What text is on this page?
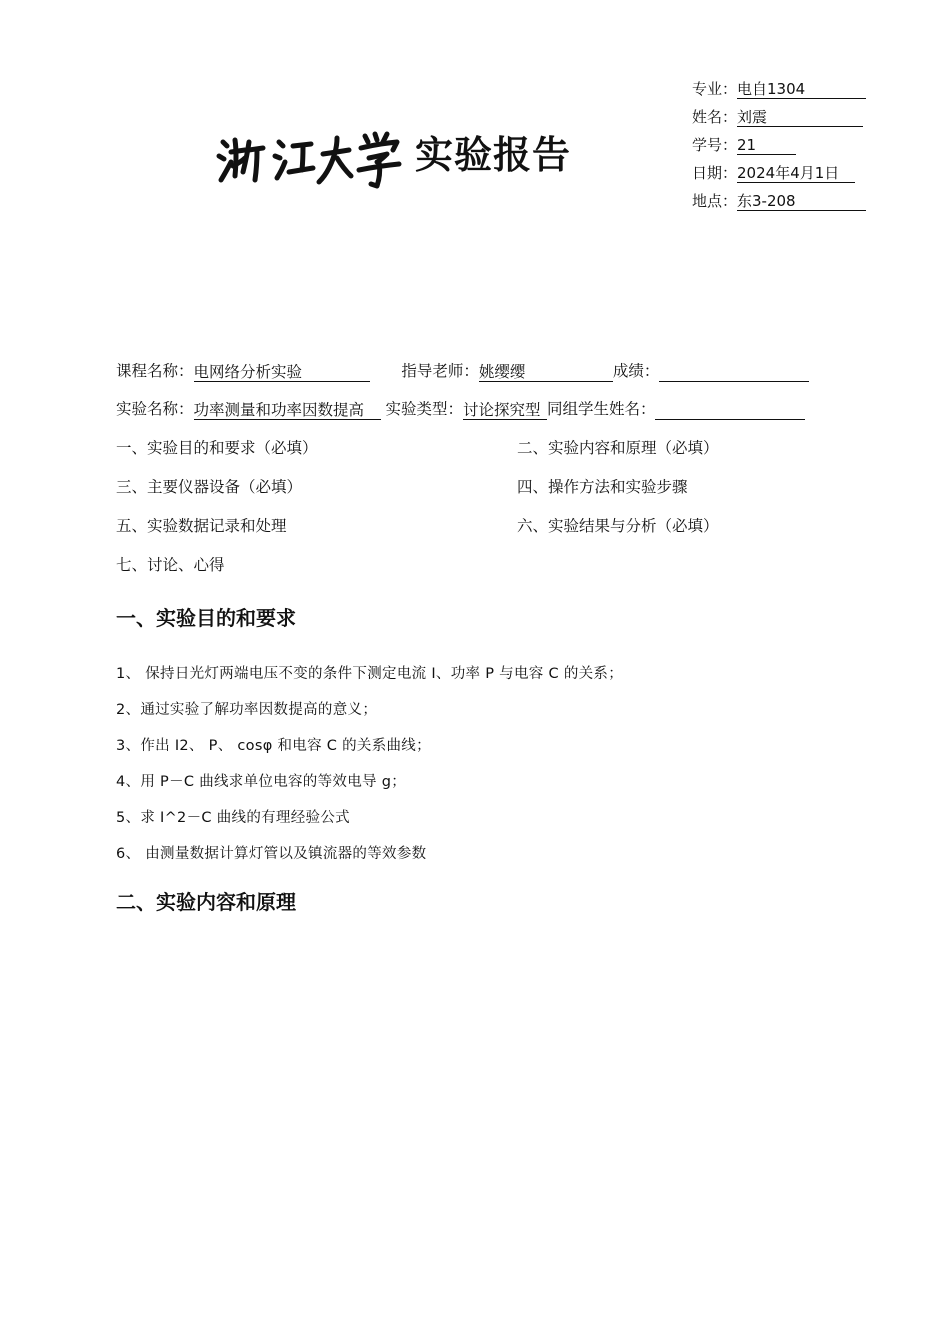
实验报告
专业：电自1304
姓名：刘震
学号：21
日期：2024年4月1日
地点：东3-208
课程名称：电网络分析实验	指导老师：姚缨缨	成绩：
实验名称：功率测量和功率因数提高 实验类型：讨论探究型 同组学生姓名：
一、实验目的和要求（必填）	二、实验内容和原理（必填）
三、主要仪器设备（必填）	四、操作方法和实验步骤
五、实验数据记录和处理	六、实验结果与分析（必填）
七、讨论、心得
一、实验目的和要求
1、 保持日光灯两端电压不变的条件下测定电流 I、功率 P 与电容 C 的关系；
2、通过实验了解功率因数提高的意义；
3、作出 I2、 P、 cosφ 和电容 C 的关系曲线；
4、用 P－C 曲线求单位电容的等效电导 g；
5、求 I^2－C 曲线的有理经验公式
6、 由测量数据计算灯管以及镇流器的等效参数
二、实验内容和原理
